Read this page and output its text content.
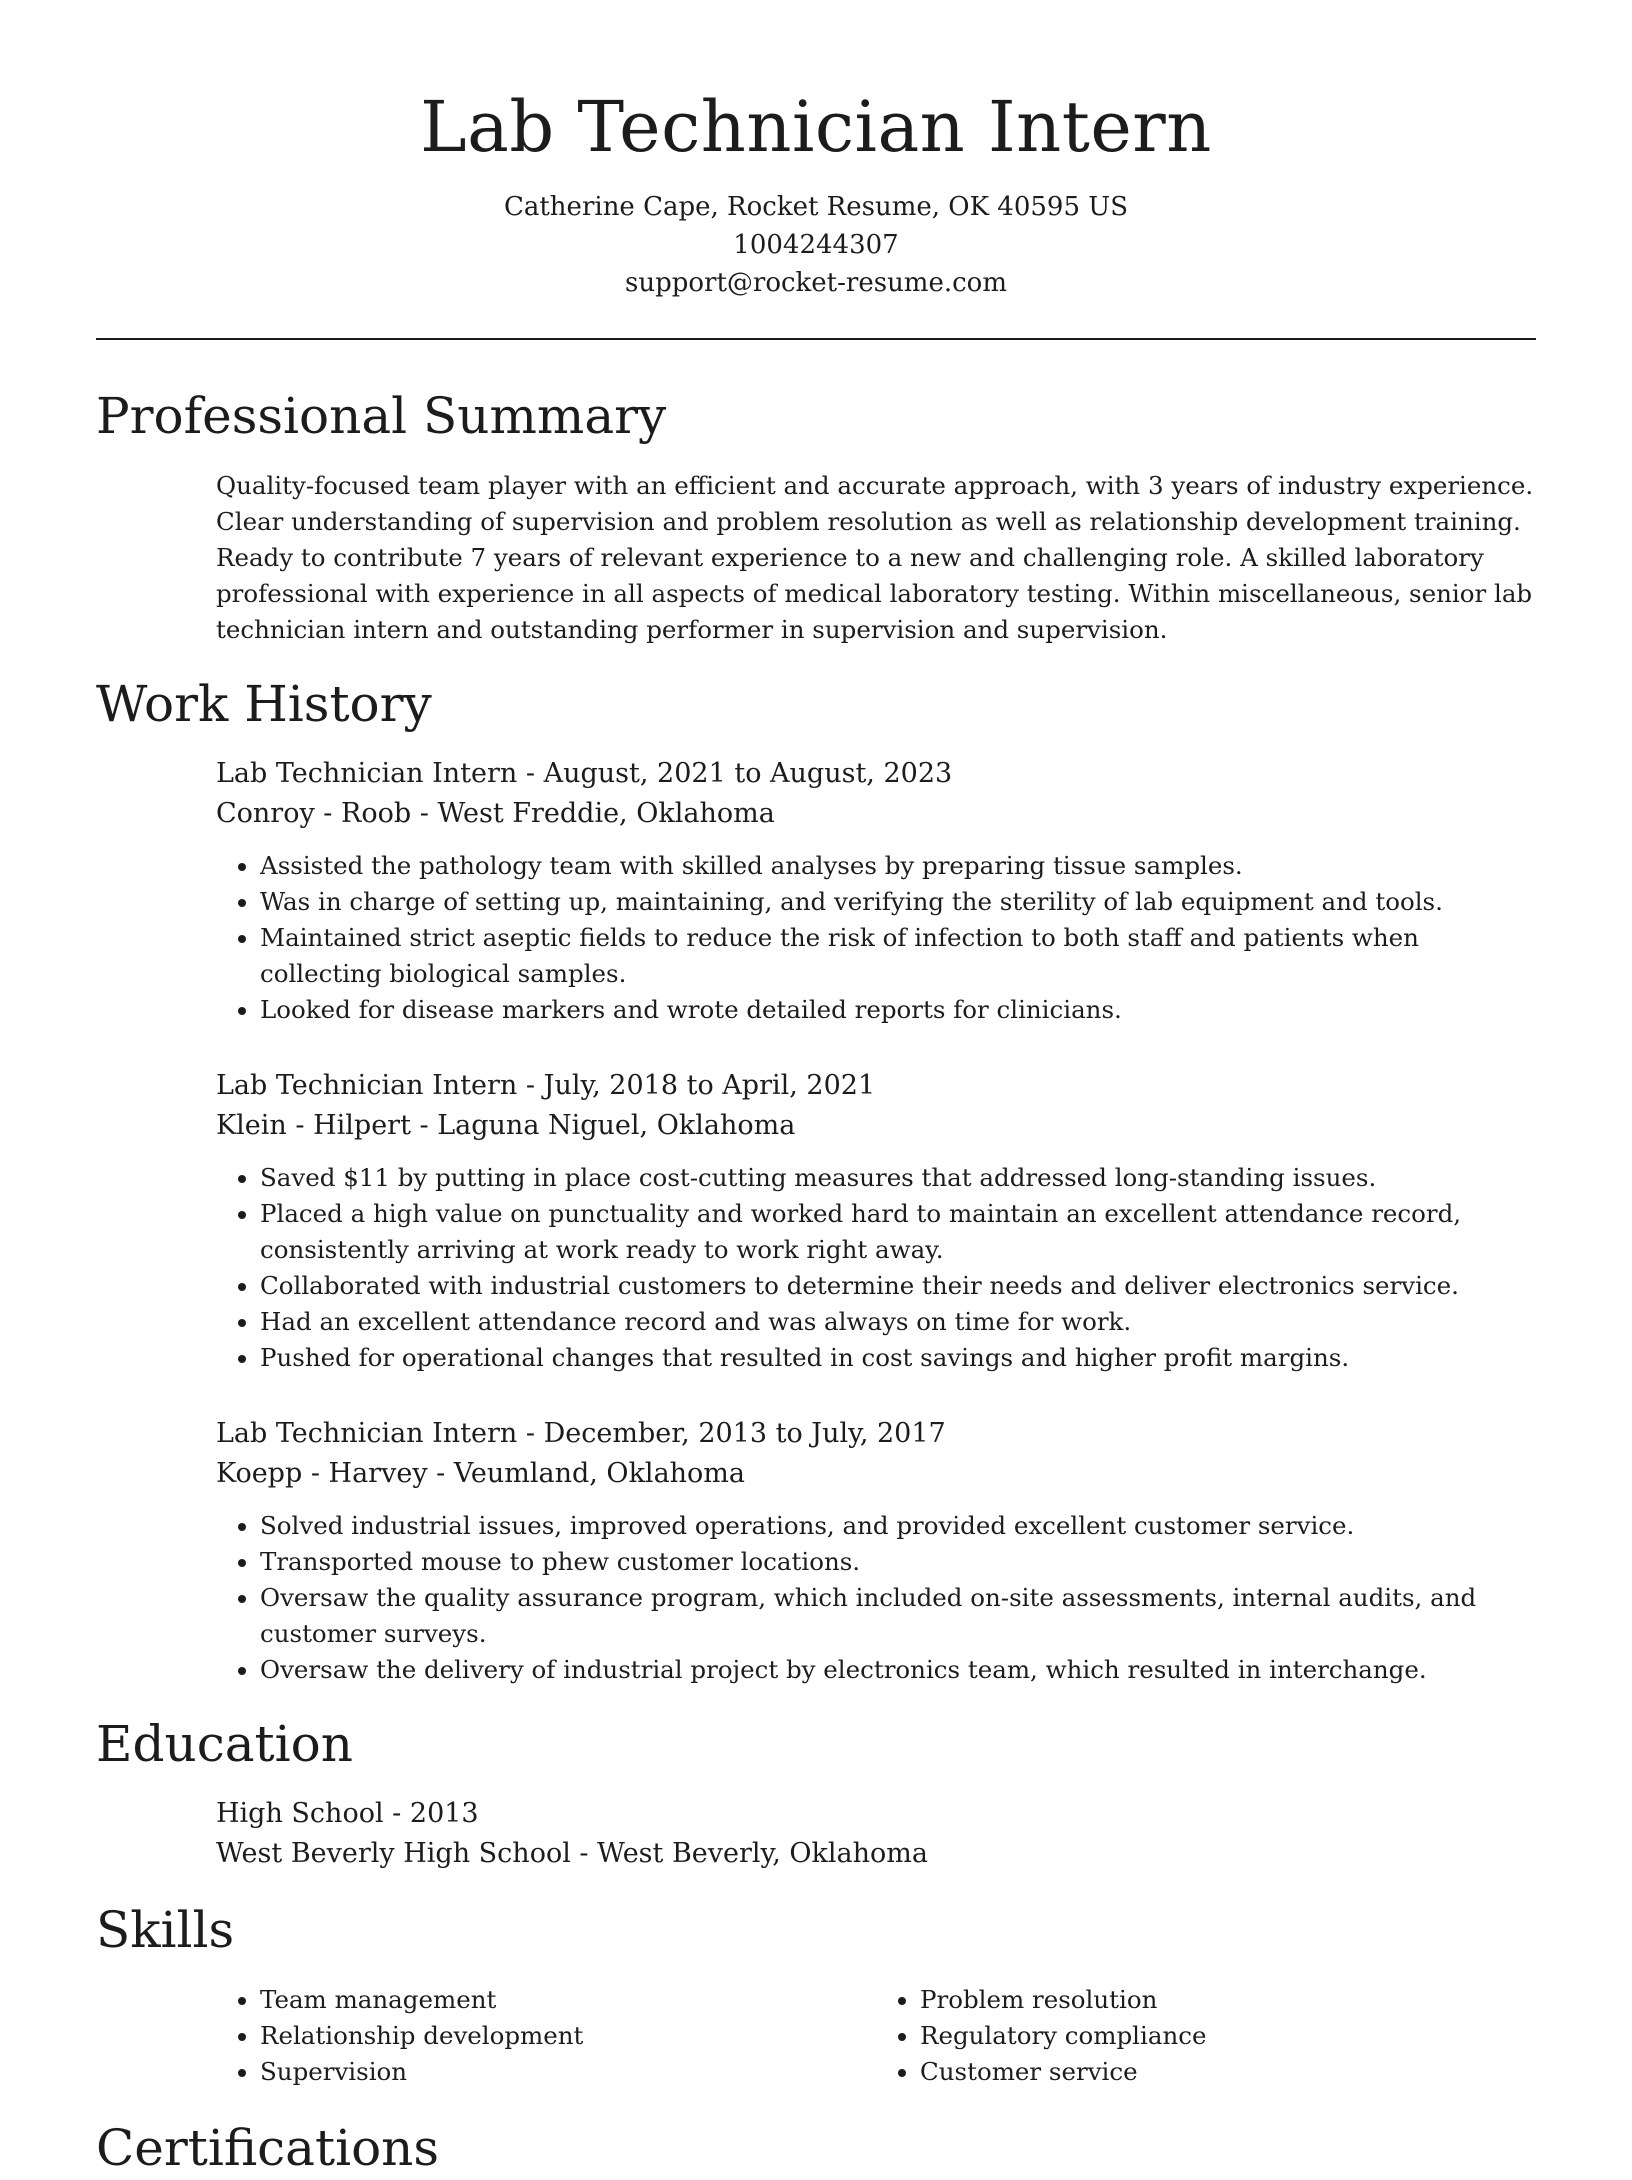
Lab Technician Intern
Catherine Cape, Rocket Resume, OK 40595 US
1004244307
support@rocket-resume.com
Professional Summary
Quality-focused team player with an efficient and accurate approach, with 3 years of industry experience. Clear understanding of supervision and problem resolution as well as relationship development training. Ready to contribute 7 years of relevant experience to a new and challenging role. A skilled laboratory professional with experience in all aspects of medical laboratory testing. Within miscellaneous, senior lab technician intern and outstanding performer in supervision and supervision.
Work History
Lab Technician Intern - August, 2021 to August, 2023
Conroy - Roob - West Freddie, Oklahoma
• Assisted the pathology team with skilled analyses by preparing tissue samples.
• Was in charge of setting up, maintaining, and verifying the sterility of lab equipment and tools.
• Maintained strict aseptic fields to reduce the risk of infection to both staff and patients when collecting biological samples.
• Looked for disease markers and wrote detailed reports for clinicians.
Lab Technician Intern - July, 2018 to April, 2021
Klein - Hilpert - Laguna Niguel, Oklahoma
• Saved $11 by putting in place cost-cutting measures that addressed long-standing issues.
• Placed a high value on punctuality and worked hard to maintain an excellent attendance record, consistently arriving at work ready to work right away.
• Collaborated with industrial customers to determine their needs and deliver electronics service.
• Had an excellent attendance record and was always on time for work.
• Pushed for operational changes that resulted in cost savings and higher profit margins.
Lab Technician Intern - December, 2013 to July, 2017
Koepp - Harvey - Veumland, Oklahoma
• Solved industrial issues, improved operations, and provided excellent customer service.
• Transported mouse to phew customer locations.
• Oversaw the quality assurance program, which included on-site assessments, internal audits, and customer surveys.
• Oversaw the delivery of industrial project by electronics team, which resulted in interchange.
Education
High School - 2013
West Beverly High School - West Beverly, Oklahoma
Skills
• Team management
• Relationship development
• Supervision
• Problem resolution
• Regulatory compliance
• Customer service
Certifications
